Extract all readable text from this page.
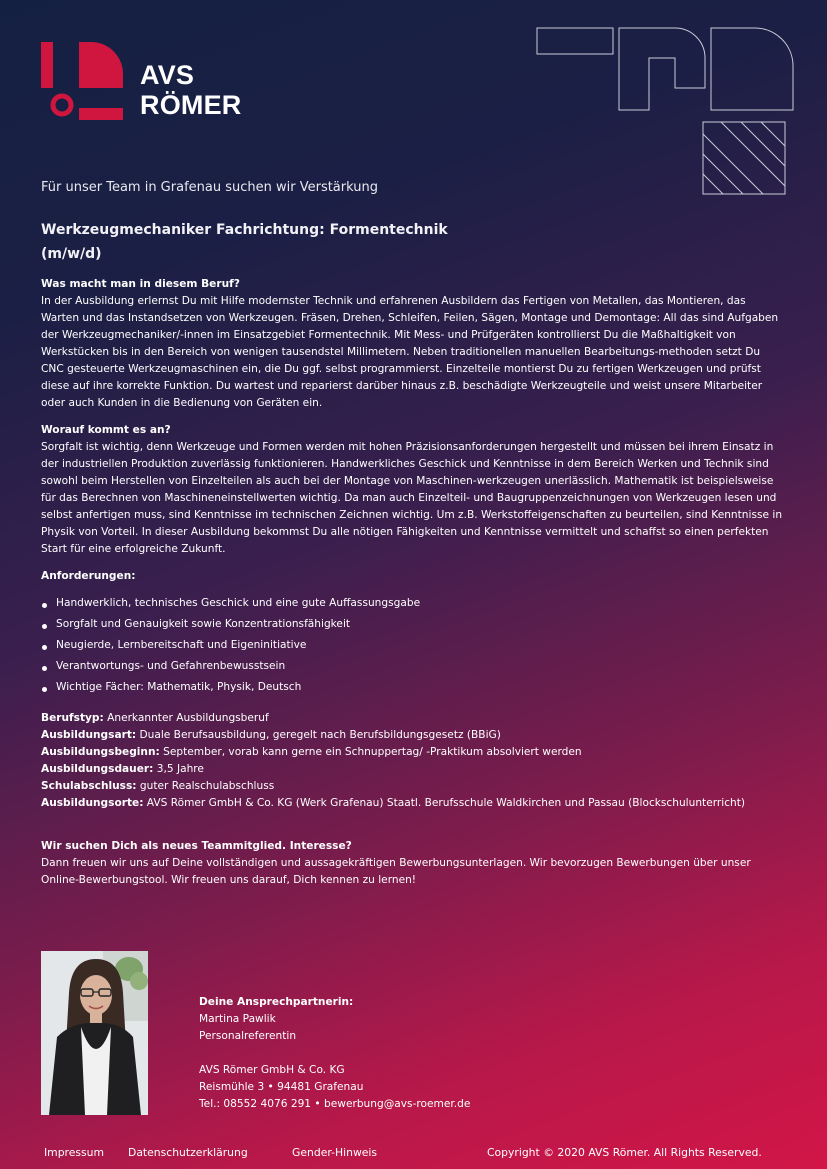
AVS
RÖMER
Für unser Team in Grafenau suchen wir Verstärkung
Werkzeugmechaniker Fachrichtung: Formentechnik
(m/w/d)
Was macht man in diesem Beruf?

In der Ausbildung erlernst Du mit Hilfe modernster Technik und erfahrenen Ausbildern das Fertigen von Metallen, das Montieren, das Warten und das Instandsetzen von Werkzeugen. Fräsen, Drehen, Schleifen, Feilen, Sägen, Montage und Demontage: All das sind Aufgaben der Werkzeugmechaniker/-innen im Einsatzgebiet Formentechnik. Mit Mess- und Prüfgeräten kontrollierst Du die Maßhaltigkeit von Werkstücken bis in den Bereich von wenigen tausendstel Millimetern. Neben traditionellen manuellen Bearbeitungs-methoden setzt Du CNC gesteuerte Werkzeugmaschinen ein, die Du ggf. selbst programmierst. Einzelteile montierst Du zu fertigen Werkzeugen und prüfst diese auf ihre korrekte Funktion. Du wartest und reparierst darüber hinaus z.B. beschädigte Werkzeugteile und weist unsere Mitarbeiter oder auch Kunden in die Bedienung von Geräten ein.

Worauf kommt es an?

Sorgfalt ist wichtig, denn Werkzeuge und Formen werden mit hohen Präzisionsanforderungen hergestellt und müssen bei ihrem Einsatz in der industriellen Produktion zuverlässig funktionieren. Handwerkliches Geschick und Kenntnisse in dem Bereich Werken und Technik sind sowohl beim Herstellen von Einzelteilen als auch bei der Montage von Maschinen-werkzeugen unerlässlich. Mathematik ist beispielsweise für das Berechnen von Maschineneinstellwerten wichtig. Da man auch Einzelteil- und Baugruppenzeichnungen von Werkzeugen lesen und selbst anfertigen muss, sind Kenntnisse im technischen Zeichnen wichtig. Um z.B. Werkstoffeigenschaften zu beurteilen, sind Kenntnisse in Physik von Vorteil. In dieser Ausbildung bekommst Du alle nötigen Fähigkeiten und Kenntnisse vermittelt und schaffst so einen perfekten Start für eine erfolgreiche Zukunft.

Anforderungen:
Handwerklich, technisches Geschick und eine gute Auffassungsgabe
Sorgfalt und Genauigkeit sowie Konzentrationsfähigkeit
Neugierde, Lernbereitschaft und Eigeninitiative
Verantwortungs- und Gefahrenbewusstsein
Wichtige Fächer: Mathematik, Physik, Deutsch
Berufstyp: Anerkannter Ausbildungsberuf
Ausbildungsart: Duale Berufsausbildung, geregelt nach Berufsbildungsgesetz (BBiG)
Ausbildungsbeginn: September, vorab kann gerne ein Schnuppertag/ -Praktikum absolviert werden
Ausbildungsdauer: 3,5 Jahre
Schulabschluss: guter Realschulabschluss
Ausbildungsorte: AVS Römer GmbH & Co. KG (Werk Grafenau) Staatl. Berufsschule Waldkirchen und Passau (Blockschulunterricht)
Wir suchen Dich als neues Teammitglied. Interesse?

Dann freuen wir uns auf Deine vollständigen und aussagekräftigen Bewerbungsunterlagen. Wir bevorzugen Bewerbungen über unser Online-Bewerbungstool. Wir freuen uns darauf, Dich kennen zu lernen!

Deine Ansprechpartnerin:
Martina Pawlik
Personalreferentin
AVS Römer GmbH & Co. KG
Reismühle 3 • 94481 Grafenau
Tel.: 08552 4076 291 • bewerbung@avs-roemer.de
Impressum Datenschutzerklärung	Gender-Hinweis	Copyright © 2020 AVS Römer. All Rights Reserved.
